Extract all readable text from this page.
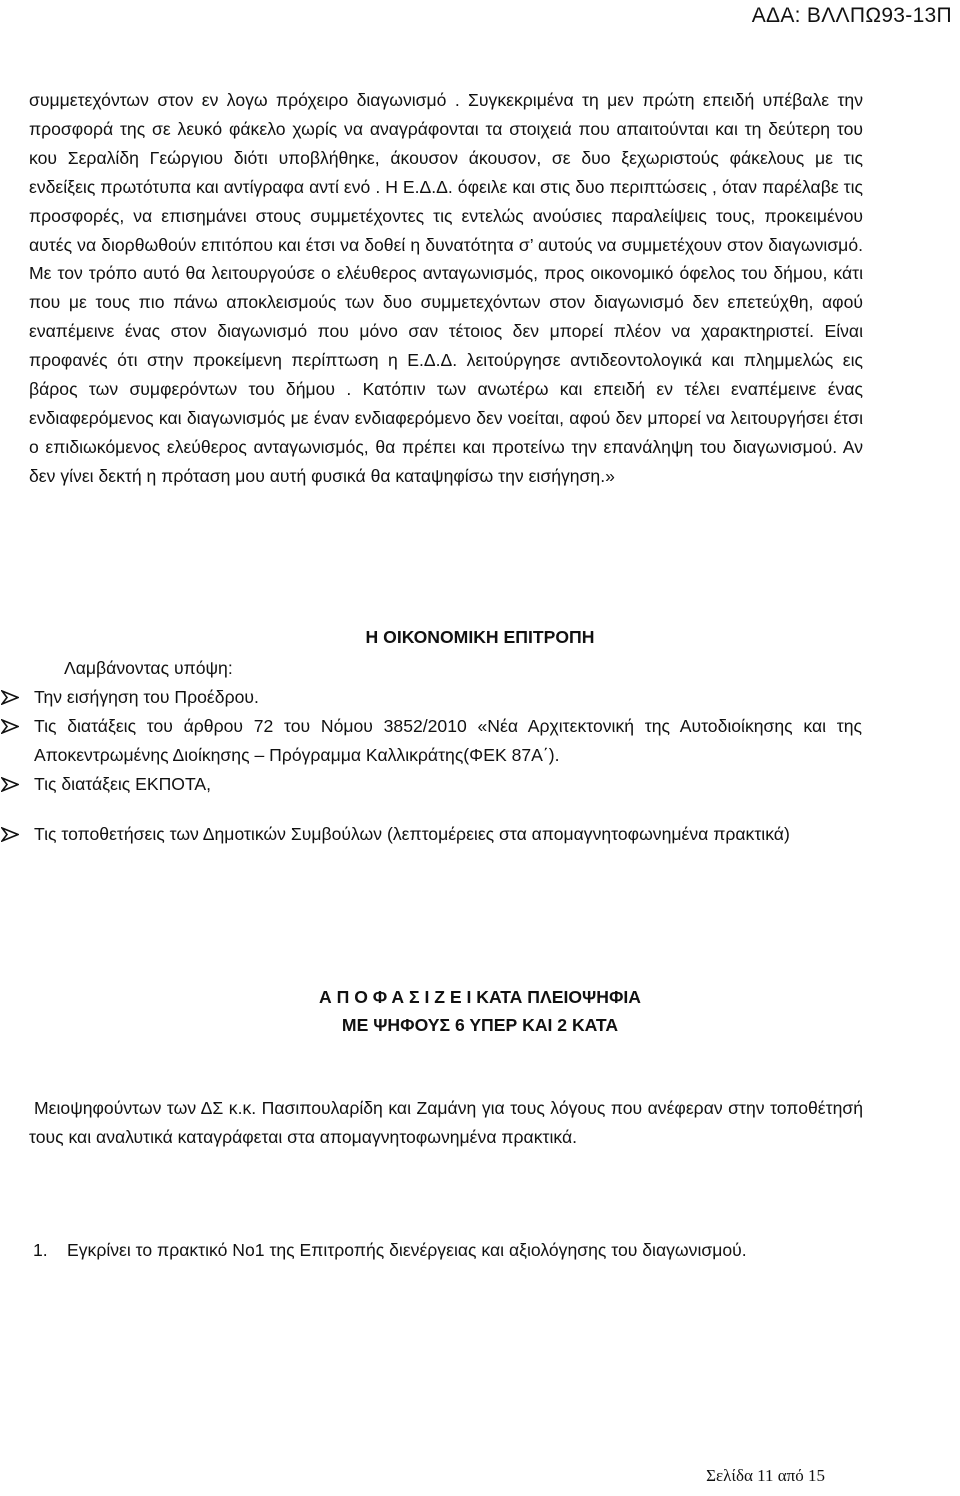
ΑΔΑ: ΒΛΛΠΩ93-13Π

συμμετεχόντων στον εν λογω πρόχειρο διαγωνισμό . Συγκεκριμένα τη μεν πρώτη επειδή υπέβαλε την προσφορά της σε λευκό φάκελο χωρίς να αναγράφονται τα στοιχειά που απαιτούνται και τη δεύτερη του κου Σεραλίδη Γεώργιου διότι υποβλήθηκε, άκουσον άκουσον, σε δυο ξεχωριστούς φάκελους με τις ενδείξεις πρωτότυπα και αντίγραφα αντί ενό . Η Ε.Δ.Δ. όφειλε και στις δυο περιπτώσεις , όταν παρέλαβε τις προσφορές, να επισημάνει στους συμμετέχοντες τις εντελώς ανούσιες παραλείψεις τους, προκειμένου αυτές να διορθωθούν επιτόπου και έτσι να δοθεί η δυνατότητα σ’ αυτούς να συμμετέχουν στον διαγωνισμό. Με τον τρόπο αυτό θα λειτουργούσε ο ελέυθερος ανταγωνισμός, προς οικονομικό όφελος του δήμου, κάτι που με τους πιο πάνω αποκλεισμούς των δυο συμμετεχόντων στον διαγωνισμό δεν επετεύχθη, αφού εναπέμεινε ένας στον διαγωνισμό που μόνο σαν τέτοιος δεν μπορεί πλέον να χαρακτηριστεί. Είναι προφανές ότι στην προκείμενη περίπτωση η Ε.Δ.Δ. λειτούργησε αντιδεοντολογικά και πλημμελώς εις βάρος των συμφερόντων του δήμου . Κατόπιν των ανωτέρω και επειδή εν τέλει εναπέμεινε ένας ενδιαφερόμενος και διαγωνισμός με έναν ενδιαφερόμενο δεν νοείται, αφού δεν μπορεί να λειτουργήσει έτσι ο επιδιωκόμενος ελεύθερος ανταγωνισμός, θα πρέπει και προτείνω την επανάληψη του διαγωνισμού. Αν δεν γίνει δεκτή η πρόταση μου αυτή φυσικά θα καταψηφίσω την εισήγηση.»

Η ΟΙΚΟΝΟΜΙΚΗ ΕΠΙΤΡΟΠΗ
Λαμβάνοντας υπόψη:
Την εισήγηση του Προέδρου.
Τις διατάξεις του άρθρου 72 του Νόμου 3852/2010 «Νέα Αρχιτεκτονική της Αυτοδιοίκησης και της Αποκεντρωμένης Διοίκησης – Πρόγραμμα Καλλικράτης(ΦΕΚ 87Α΄).
Τις διατάξεις ΕΚΠΟΤΑ,
Τις τοποθετήσεις των Δημοτικών Συμβούλων (λεπτομέρειες στα απομαγνητοφωνημένα πρακτικά)
Α Π Ο Φ Α Σ Ι Ζ Ε Ι ΚΑΤΑ ΠΛΕΙΟΨΗΦΙΑ
ΜΕ ΨΗΦΟΥΣ 6 ΥΠΕΡ ΚΑΙ 2 ΚΑΤΑ
Μειοψηφούντων των ΔΣ κ.κ. Πασιπουλαρίδη και Ζαμάνη για τους λόγους που ανέφεραν στην τοποθέτησή τους και αναλυτικά καταγράφεται στα απομαγνητοφωνημένα πρακτικά.
1.	Εγκρίνει το πρακτικό Νο1 της Επιτροπής διενέργειας και αξιολόγησης του διαγωνισμού.
Σελίδα 11 από 15
